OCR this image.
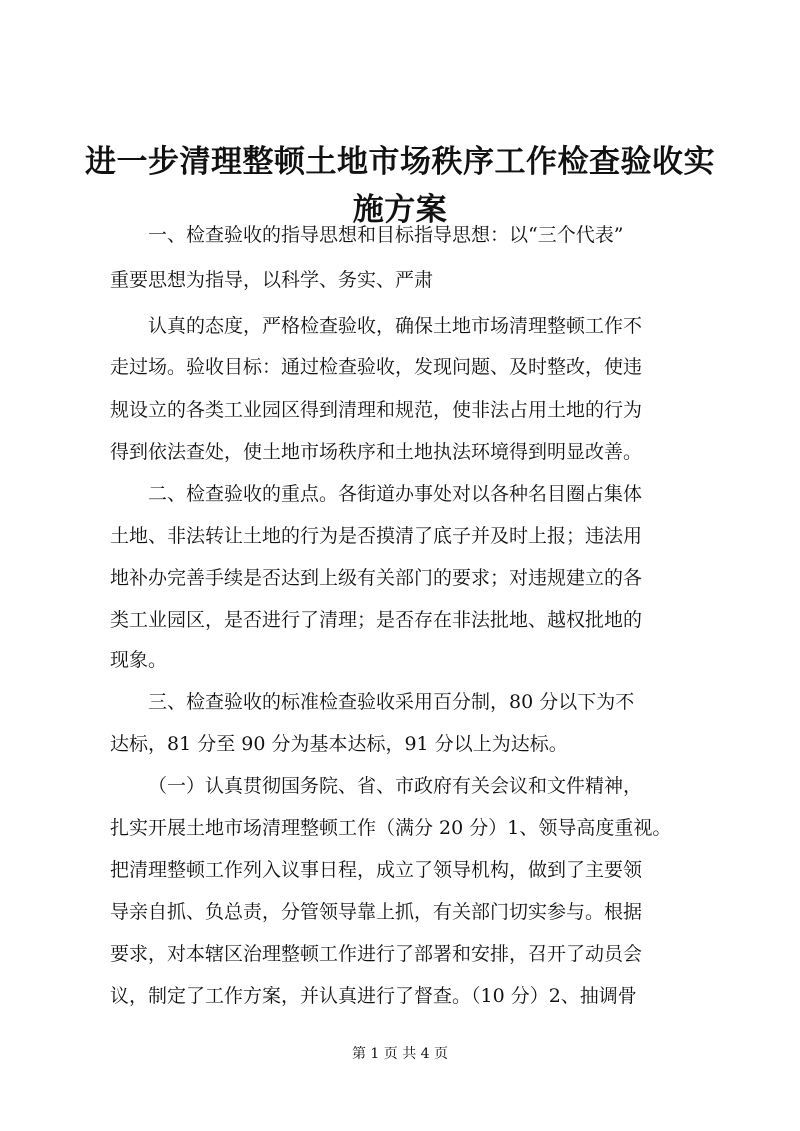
进一步清理整顿土地市场秩序工作检查验收实施方案

一、检查验收的指导思想和目标指导思想：以“三个代表”

重要思想为指导，以科学、务实、严肃

认真的态度，严格检查验收，确保土地市场清理整顿工作不

走过场。验收目标：通过检查验收，发现问题、及时整改，使违

规设立的各类工业园区得到清理和规范，使非法占用土地的行为

得到依法查处，使土地市场秩序和土地执法环境得到明显改善。

二、检查验收的重点。各街道办事处对以各种名目圈占集体

土地、非法转让土地的行为是否摸清了底子并及时上报；违法用

地补办完善手续是否达到上级有关部门的要求；对违规建立的各

类工业园区，是否进行了清理；是否存在非法批地、越权批地的

现象。

三、检查验收的标准检查验收采用百分制，80 分以下为不

达标，81 分至 90 分为基本达标，91 分以上为达标。

（一）认真贯彻国务院、省、市政府有关会议和文件精神，

扎实开展土地市场清理整顿工作（满分 20 分）1、领导高度重视。

把清理整顿工作列入议事日程，成立了领导机构，做到了主要领

导亲自抓、负总责，分管领导靠上抓，有关部门切实参与。根据

要求，对本辖区治理整顿工作进行了部署和安排，召开了动员会

议，制定了工作方案，并认真进行了督查。（10 分）2、抽调骨

第 1 页 共 4 页
